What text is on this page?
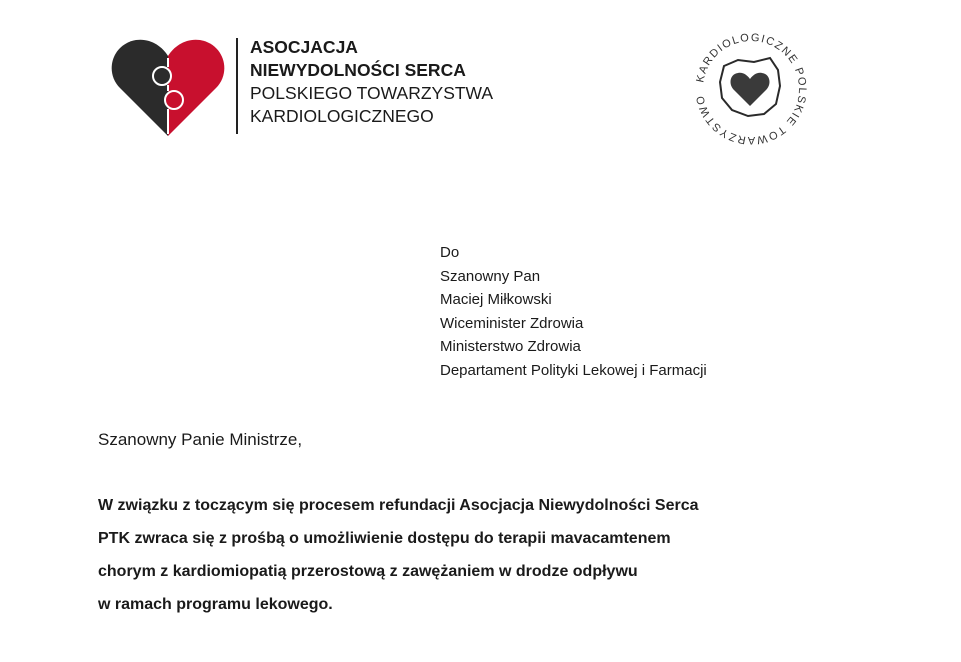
ASOCJACJA
NIEWYDOLNOŚCI SERCA
POLSKIEGO TOWARZYSTWA
KARDIOLOGICZNEGO
KARDIOLOGICZNE POLSKIE TOWARZYSTWO
Do
Szanowny Pan
Maciej Miłkowski
Wiceminister Zdrowia
Ministerstwo Zdrowia
Departament Polityki Lekowej i Farmacji
Szanowny Panie Ministrze,
W związku z toczącym się procesem refundacji Asocjacja Niewydolności Serca
PTK zwraca się z prośbą o umożliwienie dostępu do terapii mavacamtenem
chorym z kardiomiopatią przerostową z zawężaniem w drodze odpływu
w ramach programu lekowego.
